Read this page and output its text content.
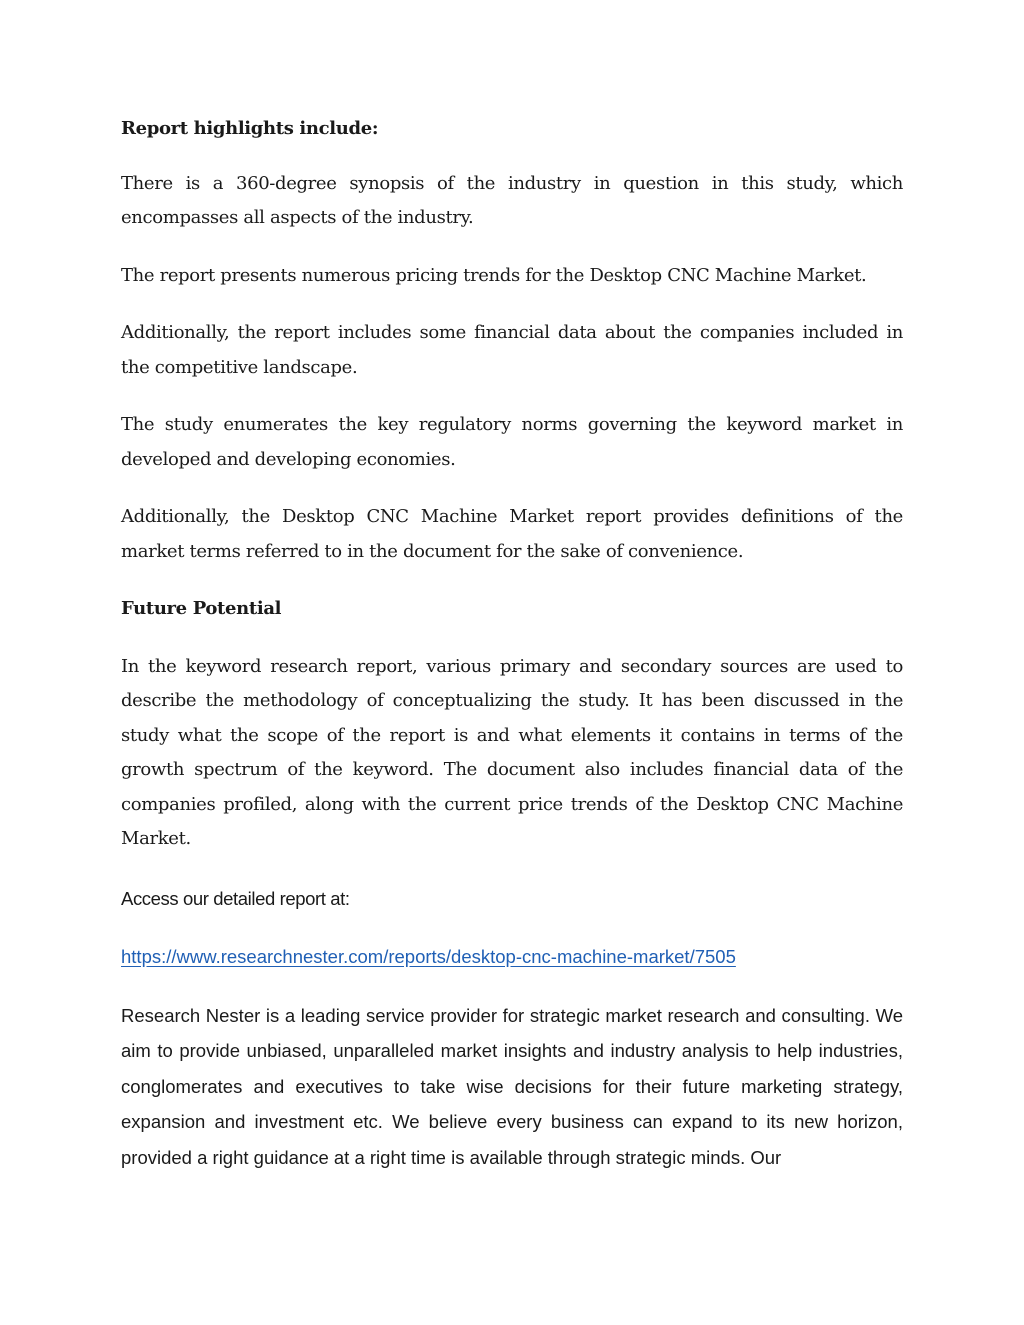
Report highlights include:

There is a 360-degree synopsis of the industry in question in this study, which encompasses all aspects of the industry.

The report presents numerous pricing trends for the Desktop CNC Machine Market.

Additionally, the report includes some financial data about the companies included in the competitive landscape.

The study enumerates the key regulatory norms governing the keyword market in developed and developing economies.

Additionally, the Desktop CNC Machine Market report provides definitions of the market terms referred to in the document for the sake of convenience.

Future Potential

In the keyword research report, various primary and secondary sources are used to describe the methodology of conceptualizing the study. It has been discussed in the study what the scope of the report is and what elements it contains in terms of the growth spectrum of the keyword. The document also includes financial data of the companies profiled, along with the current price trends of the Desktop CNC Machine Market.

Access our detailed report at:

https://www.researchnester.com/reports/desktop-cnc-machine-market/7505

Research Nester is a leading service provider for strategic market research and consulting. We aim to provide unbiased, unparalleled market insights and industry analysis to help industries, conglomerates and executives to take wise decisions for their future marketing strategy, expansion and investment etc. We believe every business can expand to its new horizon, provided a right guidance at a right time is available through strategic minds. Our
